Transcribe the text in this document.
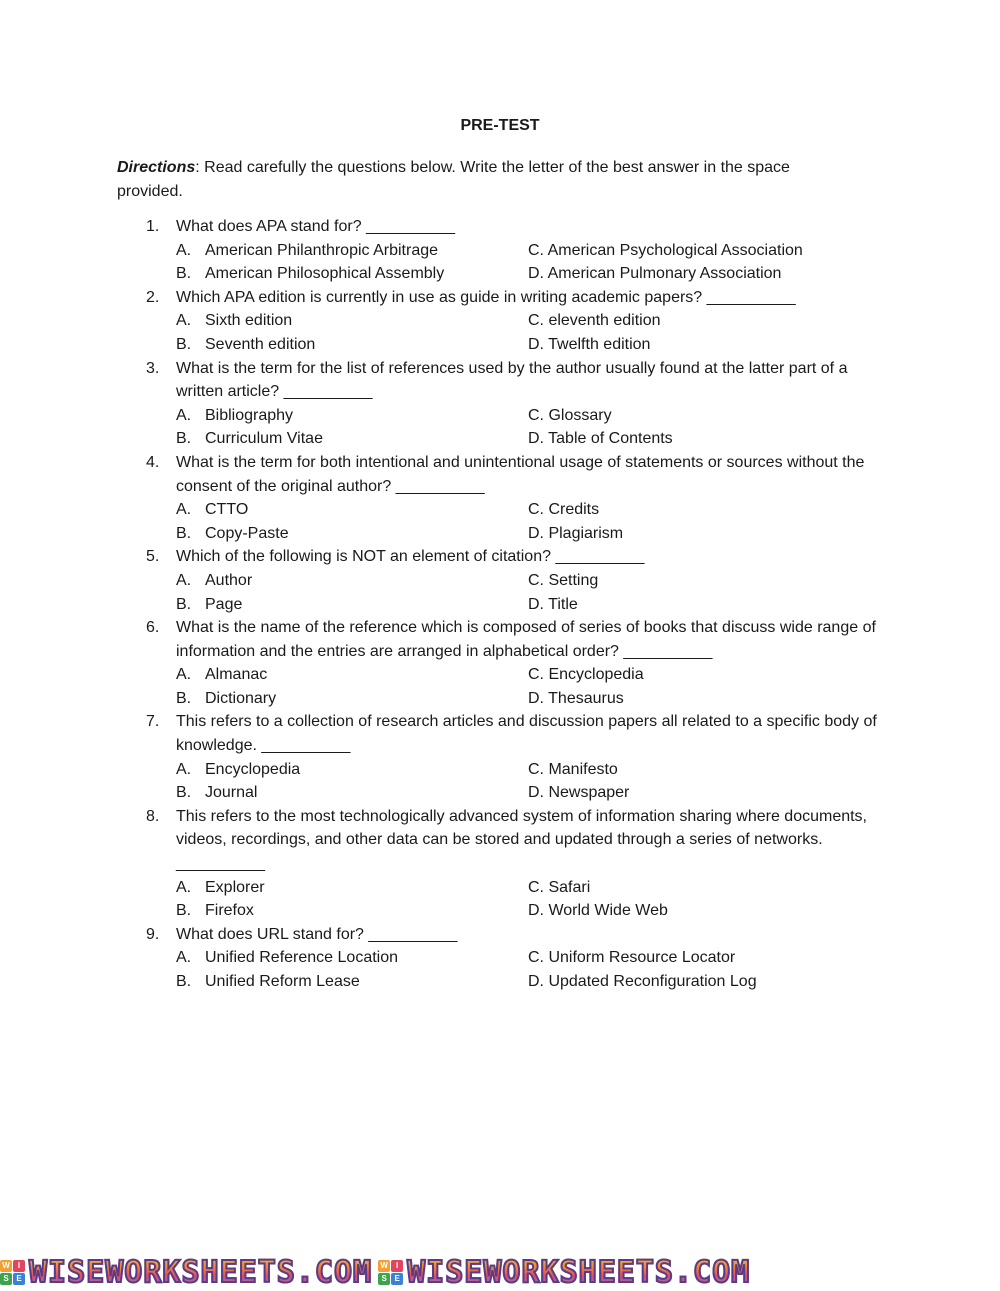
PRE-TEST
Directions: Read carefully the questions below. Write the letter of the best answer in the space provided.
1. What does APA stand for? __________
A. American Philanthropic Arbitrage	C. American Psychological Association
B. American Philosophical Assembly	D. American Pulmonary Association
2. Which APA edition is currently in use as guide in writing academic papers? __________
A. Sixth edition	C. eleventh edition
B. Seventh edition	D. Twelfth edition
3. What is the term for the list of references used by the author usually found at the latter part of a written article? __________
A. Bibliography	C. Glossary
B. Curriculum Vitae	D. Table of Contents
4. What is the term for both intentional and unintentional usage of statements or sources without the consent of the original author? __________
A. CTTO	C. Credits
B. Copy-Paste	D. Plagiarism
5. Which of the following is NOT an element of citation? __________
A. Author	C. Setting
B. Page	D. Title
6. What is the name of the reference which is composed of series of books that discuss wide range of information and the entries are arranged in alphabetical order? __________
A. Almanac	C. Encyclopedia
B. Dictionary	D. Thesaurus
7. This refers to a collection of research articles and discussion papers all related to a specific body of knowledge. __________
A. Encyclopedia	C. Manifesto
B. Journal	D. Newspaper
8. This refers to the most technologically advanced system of information sharing where documents, videos, recordings, and other data can be stored and updated through a series of networks. __________
A. Explorer	C. Safari
B. Firefox	D. World Wide Web
9. What does URL stand for? __________
A. Unified Reference Location	C. Uniform Resource Locator
B. Unified Reform Lease	D. Updated Reconfiguration Log
W	I
S E WISEWORKSHEETS.COM W	I
S E WISEWORKSHEETS.COM
